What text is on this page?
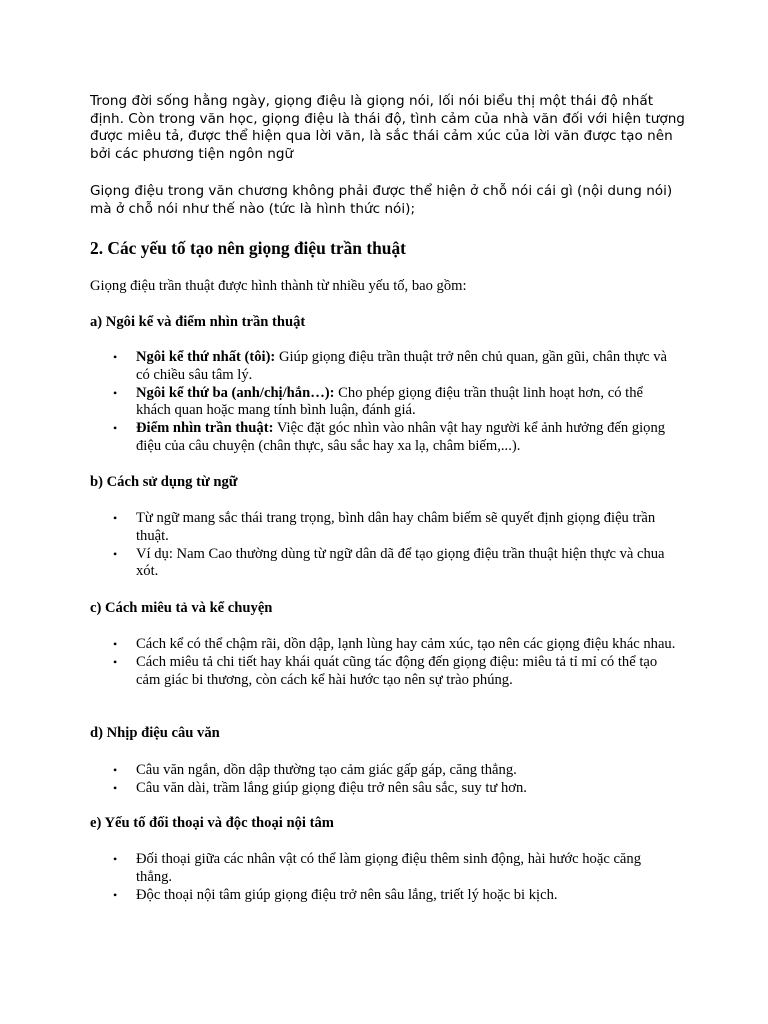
Trong đời sống hằng ngày, giọng điệu là giọng nói, lối nói biểu thị một thái độ nhất định. Còn trong văn học, giọng điệu là thái độ, tình cảm của nhà văn đối với hiện tượng được miêu tả, được thể hiện qua lời văn, là sắc thái cảm xúc của lời văn được tạo nên bởi các phương tiện ngôn ngữ

Giọng điệu trong văn chương không phải được thể hiện ở chỗ nói cái gì (nội dung nói) mà ở chỗ nói như thế nào (tức là hình thức nói);

2. Các yếu tố tạo nên giọng điệu trần thuật

Giọng điệu trần thuật được hình thành từ nhiều yếu tố, bao gồm:

a) Ngôi kể và điểm nhìn trần thuật

• Ngôi kể thứ nhất (tôi): Giúp giọng điệu trần thuật trở nên chủ quan, gần gũi, chân thực và có chiều sâu tâm lý.
• Ngôi kể thứ ba (anh/chị/hắn…): Cho phép giọng điệu trần thuật linh hoạt hơn, có thể khách quan hoặc mang tính bình luận, đánh giá.
• Điểm nhìn trần thuật: Việc đặt góc nhìn vào nhân vật hay người kể ảnh hưởng đến giọng điệu của câu chuyện (chân thực, sâu sắc hay xa lạ, châm biếm,...).

b) Cách sử dụng từ ngữ

• Từ ngữ mang sắc thái trang trọng, bình dân hay châm biếm sẽ quyết định giọng điệu trần thuật.
• Ví dụ: Nam Cao thường dùng từ ngữ dân dã để tạo giọng điệu trần thuật hiện thực và chua xót.

c) Cách miêu tả và kể chuyện

• Cách kể có thể chậm rãi, dồn dập, lạnh lùng hay cảm xúc, tạo nên các giọng điệu khác nhau.
• Cách miêu tả chi tiết hay khái quát cũng tác động đến giọng điệu: miêu tả tỉ mỉ có thể tạo cảm giác bi thương, còn cách kể hài hước tạo nên sự trào phúng.

d) Nhịp điệu câu văn

• Câu văn ngắn, dồn dập thường tạo cảm giác gấp gáp, căng thẳng.
• Câu văn dài, trầm lắng giúp giọng điệu trở nên sâu sắc, suy tư hơn.

e) Yếu tố đối thoại và độc thoại nội tâm

• Đối thoại giữa các nhân vật có thể làm giọng điệu thêm sinh động, hài hước hoặc căng thẳng.
• Độc thoại nội tâm giúp giọng điệu trở nên sâu lắng, triết lý hoặc bi kịch.
